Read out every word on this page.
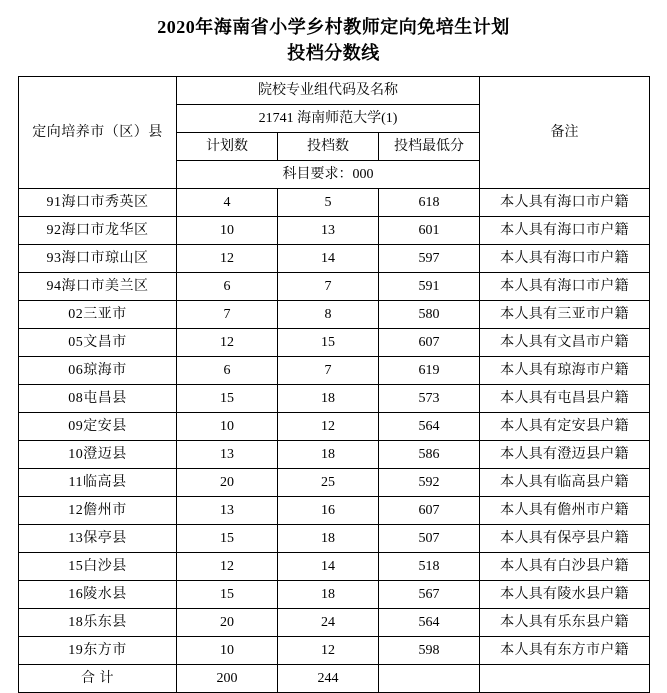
2020年海南省小学乡村教师定向免培生计划
投档分数线
定向培养市（区）县	院校专业组代码及名称			备注
	21741 海南师范大学(1)			
	计划数	投档数	投档最低分	
	科目要求：000			
91海口市秀英区	4	5	618	本人具有海口市户籍
92海口市龙华区	10	13	601	本人具有海口市户籍
93海口市琼山区	12	14	597	本人具有海口市户籍
94海口市美兰区	6	7	591	本人具有海口市户籍
02三亚市	7	8	580	本人具有三亚市户籍
05文昌市	12	15	607	本人具有文昌市户籍
06琼海市	6	7	619	本人具有琼海市户籍
08屯昌县	15	18	573	本人具有屯昌县户籍
09定安县	10	12	564	本人具有定安县户籍
10澄迈县	13	18	586	本人具有澄迈县户籍
11临高县	20	25	592	本人具有临高县户籍
12儋州市	13	16	607	本人具有儋州市户籍
13保亭县	15	18	507	本人具有保亭县户籍
15白沙县	12	14	518	本人具有白沙县户籍
16陵水县	15	18	567	本人具有陵水县户籍
18乐东县	20	24	564	本人具有乐东县户籍
19东方市	10	12	598	本人具有东方市户籍
合 计	200	244		
